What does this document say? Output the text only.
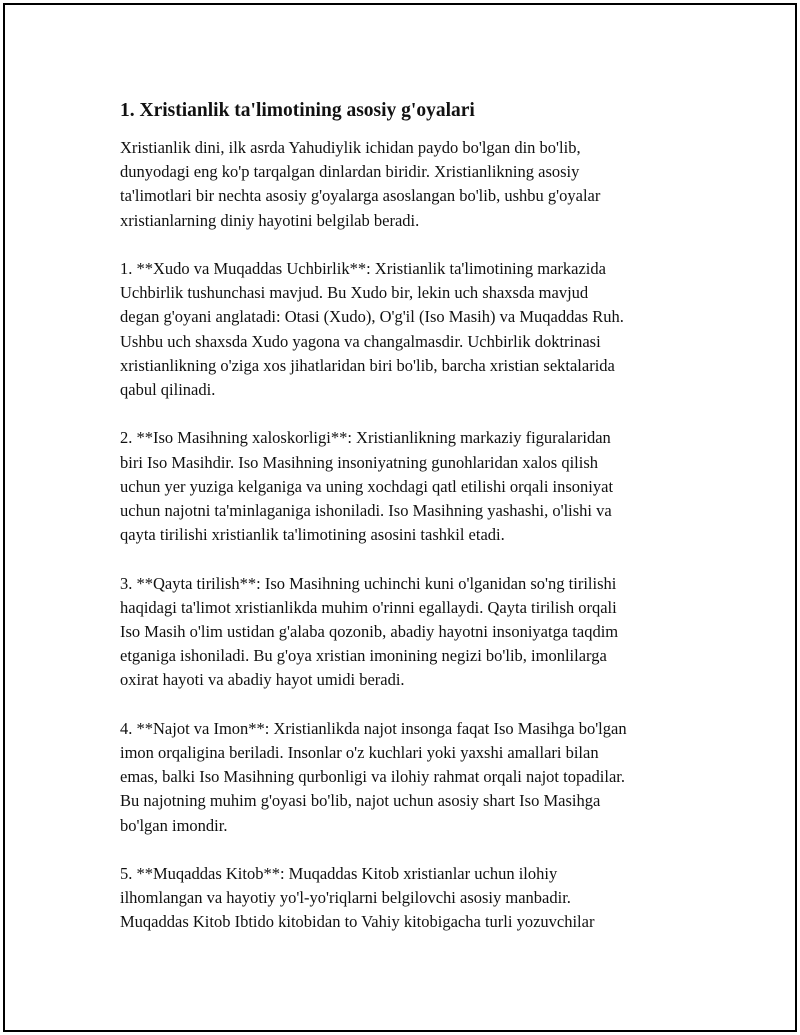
1. Xristianlik ta'limotining asosiy g'oyalari
Xristianlik dini, ilk asrda Yahudiylik ichidan paydo bo'lgan din bo'lib,
dunyodagi eng ko'p tarqalgan dinlardan biridir. Xristianlikning asosiy
ta'limotlari bir nechta asosiy g'oyalarga asoslangan bo'lib, ushbu g'oyalar
xristianlarning diniy hayotini belgilab beradi.
1. **Xudo va Muqaddas Uchbirlik**: Xristianlik ta'limotining markazida
Uchbirlik tushunchasi mavjud. Bu Xudo bir, lekin uch shaxsda mavjud
degan g'oyani anglatadi: Otasi (Xudo), O'g'il (Iso Masih) va Muqaddas Ruh.
Ushbu uch shaxsda Xudo yagona va changalmasdir. Uchbirlik doktrinasi
xristianlikning o'ziga xos jihatlaridan biri bo'lib, barcha xristian sektalarida
qabul qilinadi.
2. **Iso Masihning xaloskorligi**: Xristianlikning markaziy figuralaridan
biri Iso Masihdir. Iso Masihning insoniyatning gunohlaridan xalos qilish
uchun yer yuziga kelganiga va uning xochdagi qatl etilishi orqali insoniyat
uchun najotni ta'minlaganiga ishoniladi. Iso Masihning yashashi, o'lishi va
qayta tirilishi xristianlik ta'limotining asosini tashkil etadi.
3. **Qayta tirilish**: Iso Masihning uchinchi kuni o'lganidan so'ng tirilishi
haqidagi ta'limot xristianlikda muhim o'rinni egallaydi. Qayta tirilish orqali
Iso Masih o'lim ustidan g'alaba qozonib, abadiy hayotni insoniyatga taqdim
etganiga ishoniladi. Bu g'oya xristian imonining negizi bo'lib, imonlilarga
oxirat hayoti va abadiy hayot umidi beradi.
4. **Najot va Imon**: Xristianlikda najot insonga faqat Iso Masihga bo'lgan
imon orqaligina beriladi. Insonlar o'z kuchlari yoki yaxshi amallari bilan
emas, balki Iso Masihning qurbonligi va ilohiy rahmat orqali najot topadilar.
Bu najotning muhim g'oyasi bo'lib, najot uchun asosiy shart Iso Masihga
bo'lgan imondir.
5. **Muqaddas Kitob**: Muqaddas Kitob xristianlar uchun ilohiy
ilhomlangan va hayotiy yo'l-yo'riqlarni belgilovchi asosiy manbadir.
Muqaddas Kitob Ibtido kitobidan to Vahiy kitobigacha turli yozuvchilar
